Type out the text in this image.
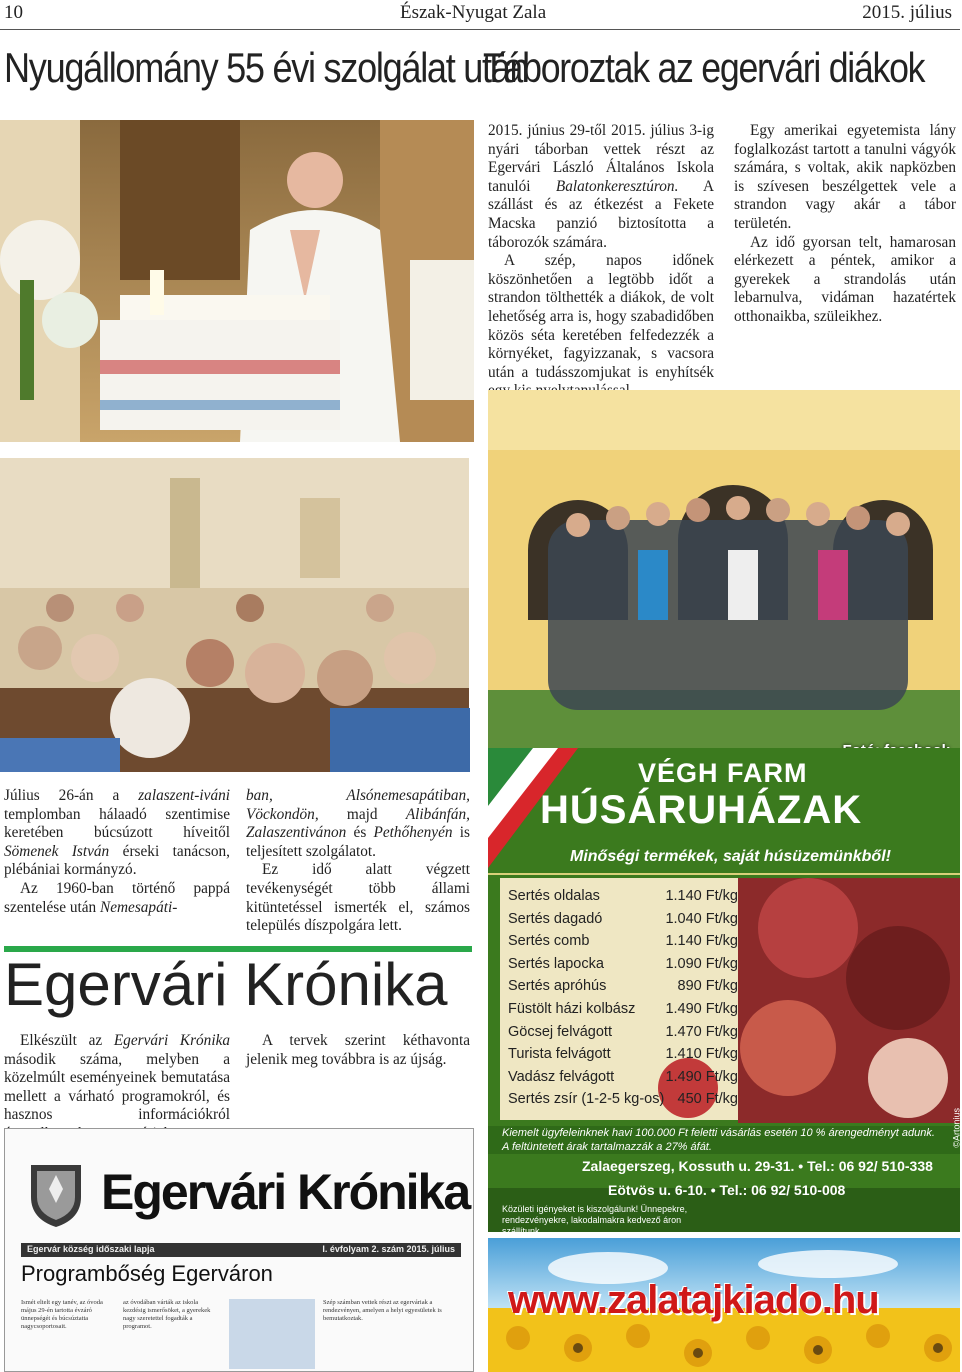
10	Észak-Nyugat Zala	2015. július
Nyugállomány 55 évi szolgálat után
Táboroztak az egervári diákok

2015. június 29-től 2015. július 3-ig nyári táborban vettek részt az Egervári László Általános Iskola tanulói Balatonkeresztúron. A szállást és az étkezést a Fekete Macska panzió biztosította a táborozók számára.

A szép, napos időnek köszönhetően a legtöbb időt a strandon tölthették a diákok, de volt lehetőség arra is, hogy szabadidőben közös séta keretében felfedezzék a környéket, fagyizzanak, s vacsora után a tudásszomjukat is enyhítsék

Egy amerikai egyetemista lány foglalkozást tartott a tanulni vágyók számára, s voltak, akik napközben is szívesen beszélgettek vele a strandon vagy akár a tábor területén.

Az idő gyorsan telt, hamarosan elérkezett a péntek, amikor a gyerekek a strandolás után lebarnulva, vidáman hazatértek otthonaikba, szüleikhez.

Július 26-án a zalaszent-iváni templomban hálaadó szentimise keretében búcsúzott híveitől Sömenek István érseki tanácson, plébániai kormányzó.

Az 1960-ban történő pappá szentelése után Nemesapáti-

ban, Alsónemesapátiban, Vöckondön, majd Alibánfán, Zalaszentivánon és Pethőhenyén is teljesített szolgálatot.

Ez idő alatt végzett tevékenységét több állami kitüntetéssel ismerték el, számos település díszpolgára lett.

Egervári Krónika

Elkészült az Egervári Krónika második száma, melyben a közelmúlt eseményeinek bemutatása mellett a várható programokról, és hasznos információkról

A tervek szerint kéthavonta jelenik meg továbbra is az újság.

VÉGH FARM
HÚSÁRUHÁZAK
Minőségi termékek, saját húsüzemünkből!
Sertés oldalas	1.140 Ft/kg
Sertés dagadó	1.040 Ft/kg
Sertés comb	1.140 Ft/kg
Sertés lapocka	1.090 Ft/kg
Sertés apróhús	890 Ft/kg
Füstölt házi kolbász 1.490 Ft/kg
Göcsej felvágott	1.470 Ft/kg
Turista felvágott	1.410 Ft/kg
Vadász felvágott	1.490 Ft/kg
Sertés zsír (1-2-5 kg-os) 450 Ft/kg
Kiemelt ügyfeleinknek havi 100.000 Ft feletti vásárlás esetén 10 % árengedményt adunk.
A feltüntetett árak tartalmazzák a 27% áfát.	©Artonius
Zalaegerszeg, Kossuth u. 29-31. • Tel.: 06 92/ 510-338
Eötvös u. 6-10. • Tel.: 06 92/ 510-008
Közületi igényeket is kiszolgálunk! Ünnepekre, rendezvényekre, lakodalmakra kedvező áron szállítunk.
Egervári Krónika
Egervár község időszaki lapja	I. évfolyam 2. szám 2015. július
Programbőség Egerváron
Ismét eltelt egy tanév, az óvoda május 29-én tartotta évzáró ünnepségét és búcsúztatta nagycsoportosait.
az óvodában várták az iskola kezdésig ismerősöket, a gyerekek nagy szeretettel fogadták a programot.
Szép számban vettek részt az egerváriak a rendezvényen, amelyen a helyi egyesületek is bemutatkoztak.	www.zalatajkiado.hu
